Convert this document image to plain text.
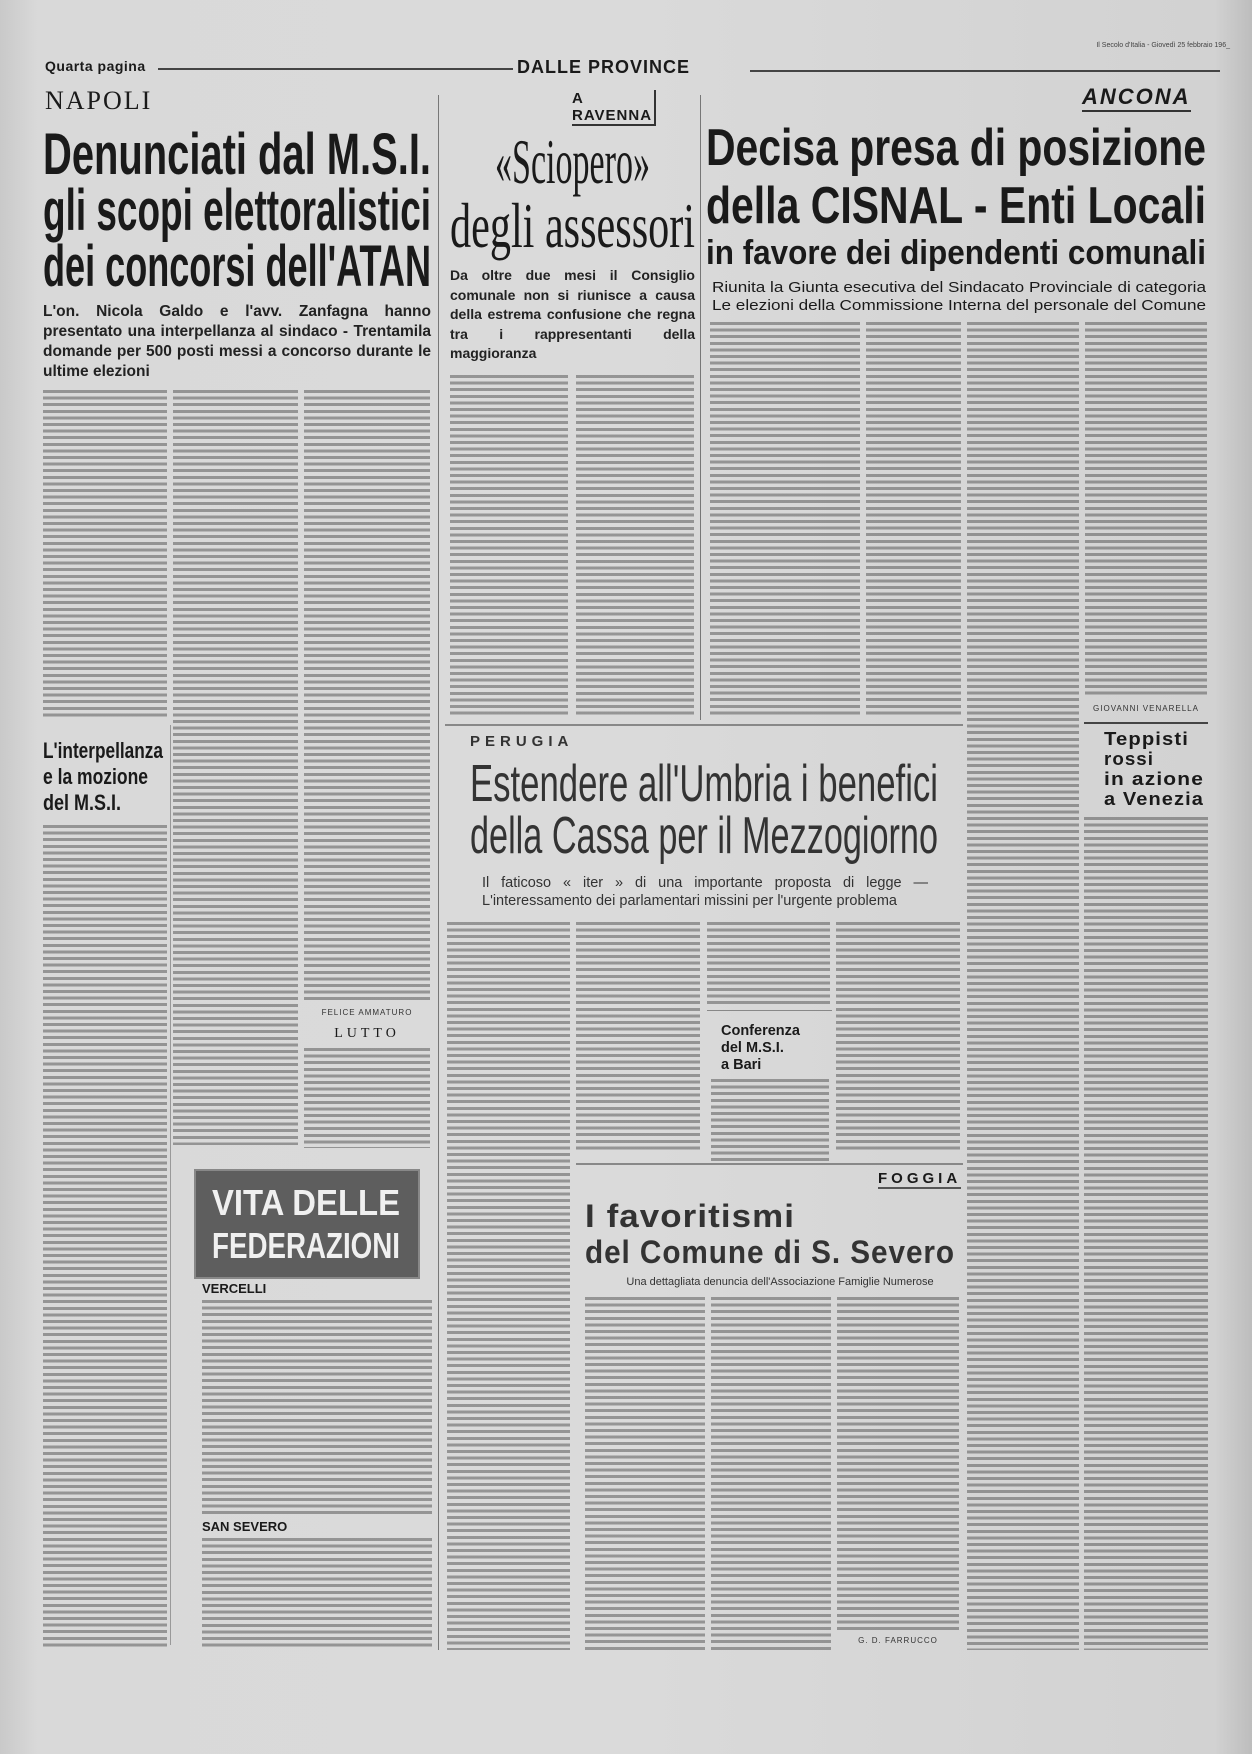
Quarta pagina	DALLE PROVINCE
Il Secolo d'Italia - Giovedì 25 febbraio 196_
NAPOLI
Denunciati dal M.S.I.
gli scopi elettoralistici
dei concorsi dell'ATAN
L'on. Nicola Galdo e l'avv. Zanfagna hanno presentato una interpellanza al sindaco - Trentamila domande per 500 posti messi a concorso durante le ultime elezioni
L'interpellanza
e la mozione
del M.S.I.
FELICE AMMATURO
LUTTO
VITA DELLE
FEDERAZIONI
VERCELLI
SAN SEVERO
A RAVENNA
«Sciopero»
degli assessori
Da oltre due mesi il Consiglio comunale non si riunisce a causa della estrema confusione che regna tra i rappresentanti della maggioranza
ANCONA
Decisa presa di posizione
della CISNAL - Enti Locali
in favore dei dipendenti comunali
Riunita la Giunta esecutiva del Sindacato Provinciale di categoria
Le elezioni della Commissione Interna del personale del Comune
GIOVANNI VENARELLA
Teppisti
rossi
in azione
a Venezia
PERUGIA
Estendere all'Umbria i benefici
della Cassa per il Mezzogiorno
Il faticoso « iter » di una importante proposta di legge — L'interessamento dei parlamentari missini per l'urgente problema
Conferenza
del M.S.I.
a Bari
FOGGIA
I favoritismi
del Comune di S. Severo
Una dettagliata denuncia dell'Associazione Famiglie Numerose
G. D. FARRUCCO
